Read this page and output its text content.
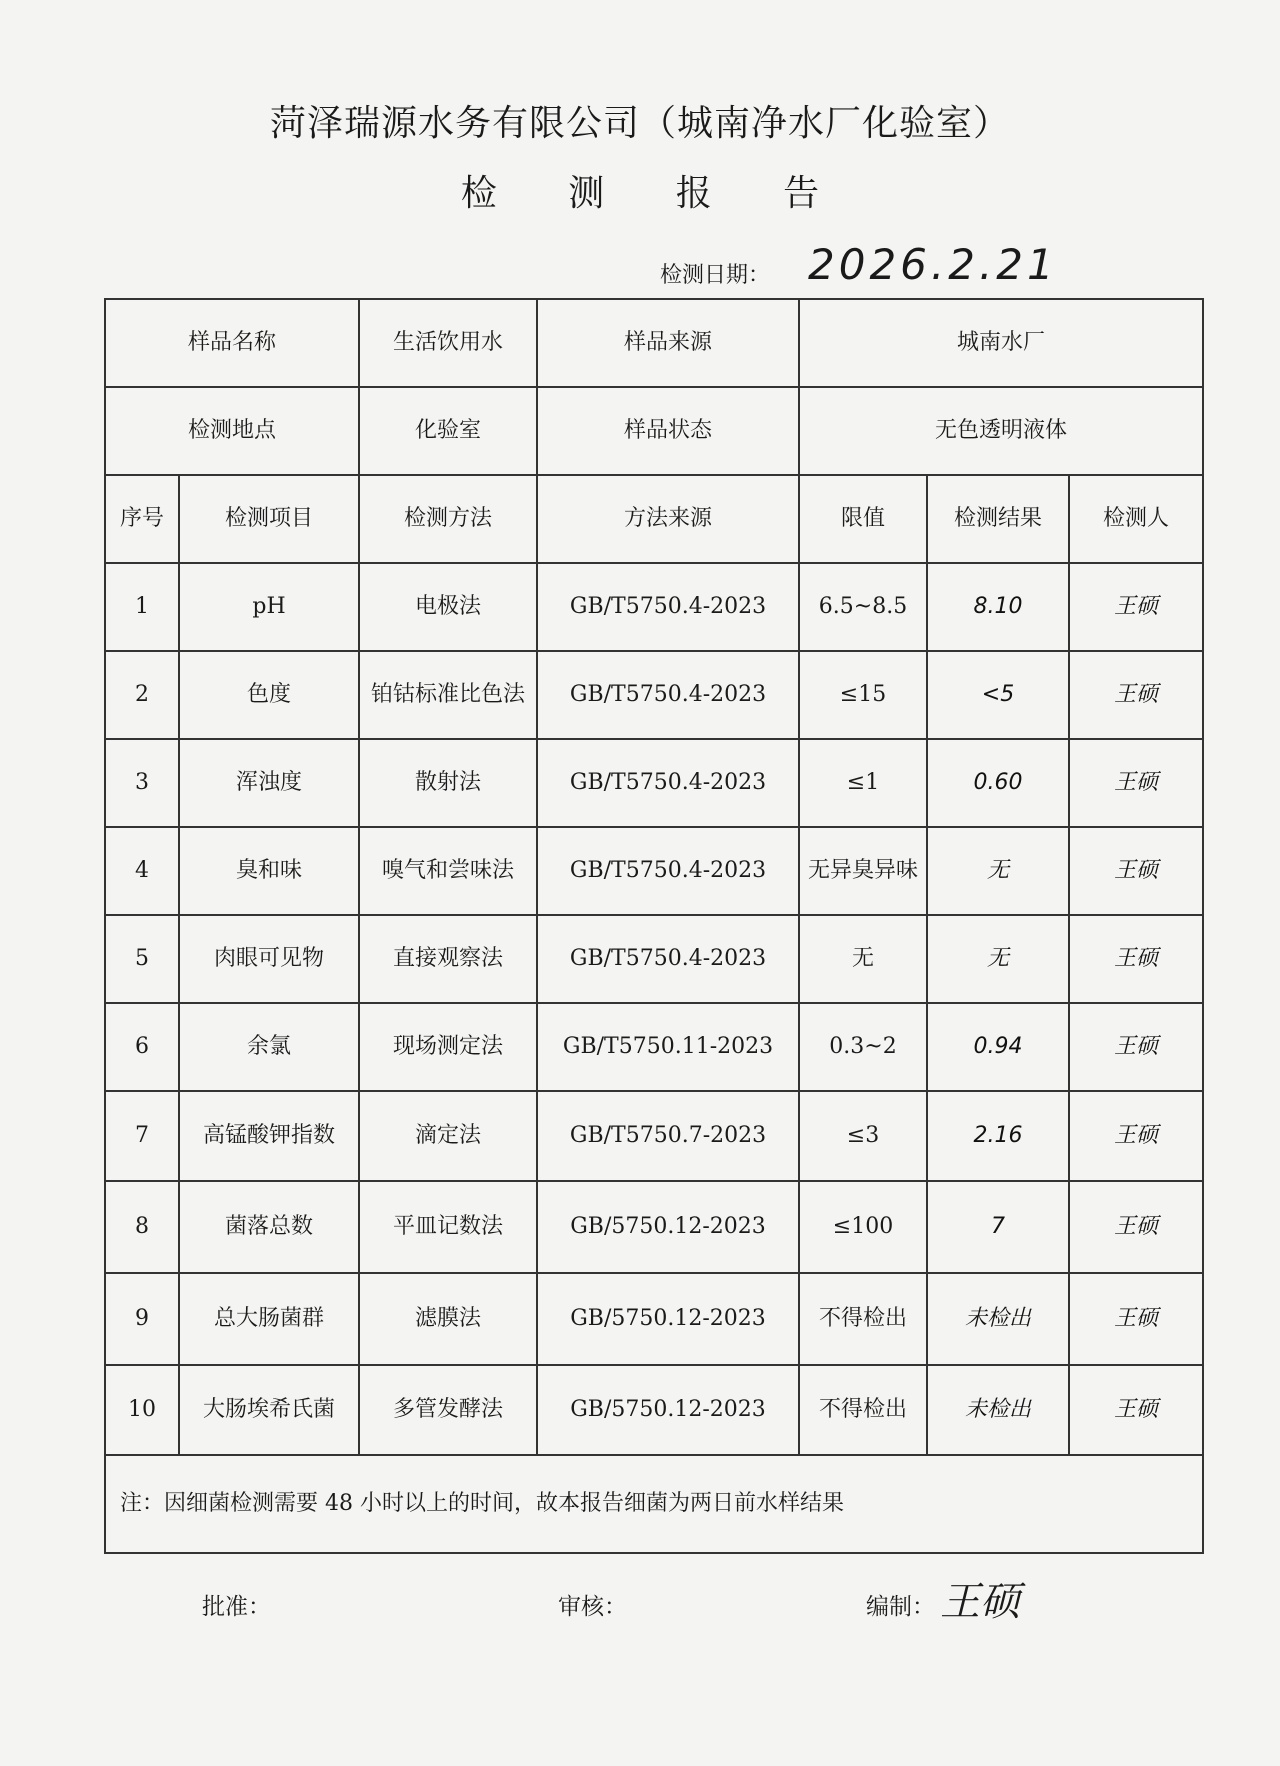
菏泽瑞源水务有限公司（城南净水厂化验室）
检 测 报 告
检测日期： 2026.2.21
样品名称		生活饮用水	样品来源	城南水厂		
检测地点		化验室	样品状态	无色透明液体		
序号	检测项目	检测方法	方法来源	限值	检测结果	检测人
1	pH	电极法	GB/T5750.4-2023	6.5~8.5	8.10	王硕
2	色度	铂钴标准比色法	GB/T5750.4-2023	≤15	<5	王硕
3	浑浊度	散射法	GB/T5750.4-2023	≤1	0.60	王硕
4	臭和味	嗅气和尝味法	GB/T5750.4-2023	无异臭异味	无	王硕
5	肉眼可见物	直接观察法	GB/T5750.4-2023	无	无	王硕
6	余氯	现场测定法	GB/T5750.11-2023	0.3~2	0.94	王硕
7	高锰酸钾指数	滴定法	GB/T5750.7-2023	≤3	2.16	王硕
8	菌落总数	平皿记数法	GB/5750.12-2023	≤100	7	王硕
9	总大肠菌群	滤膜法	GB/5750.12-2023	不得检出	未检出	王硕
10	大肠埃希氏菌	多管发酵法	GB/5750.12-2023	不得检出	未检出	王硕
注：因细菌检测需要 48 小时以上的时间，故本报告细菌为两日前水样结果						
批准：	审核：	编制： 王硕
